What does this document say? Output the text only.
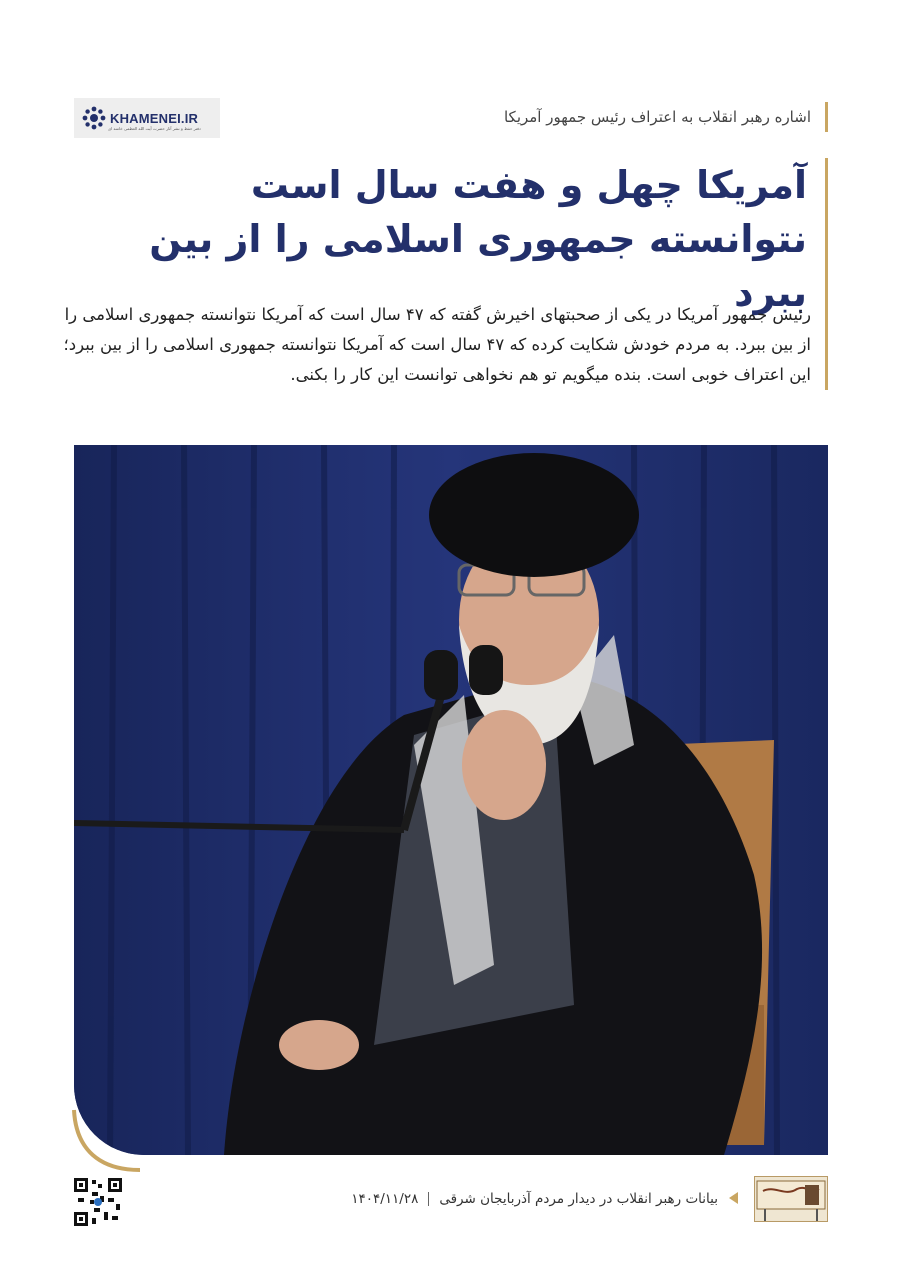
KHAMENEI.IR
دفتر حفظ و نشر آثار حضرت آیت الله العظمی خامنه ای
اشاره رهبر انقلاب به اعتراف رئیس جمهور آمریکا
آمریکا چهل و هفت سال است
نتوانسته جمهوری اسلامی را از بین ببرد
رئیس جمهور آمریکا در یکی از صحبتهای اخیرش گفته که ۴۷ سال است که آمریکا نتوانسته جمهوری اسلامی را
از بین ببرد. به مردم خودش شکایت کرده که ۴۷ سال است که آمریکا نتوانسته جمهوری اسلامی را از بین ببرد؛
این اعتراف خوبی است. بنده میگویم تو هم نخواهی توانست این کار را بکنی.
بیانات رهبر انقلاب در دیدار مردم آذربایجان شرقی۱۴۰۴/۱۱/۲۸
